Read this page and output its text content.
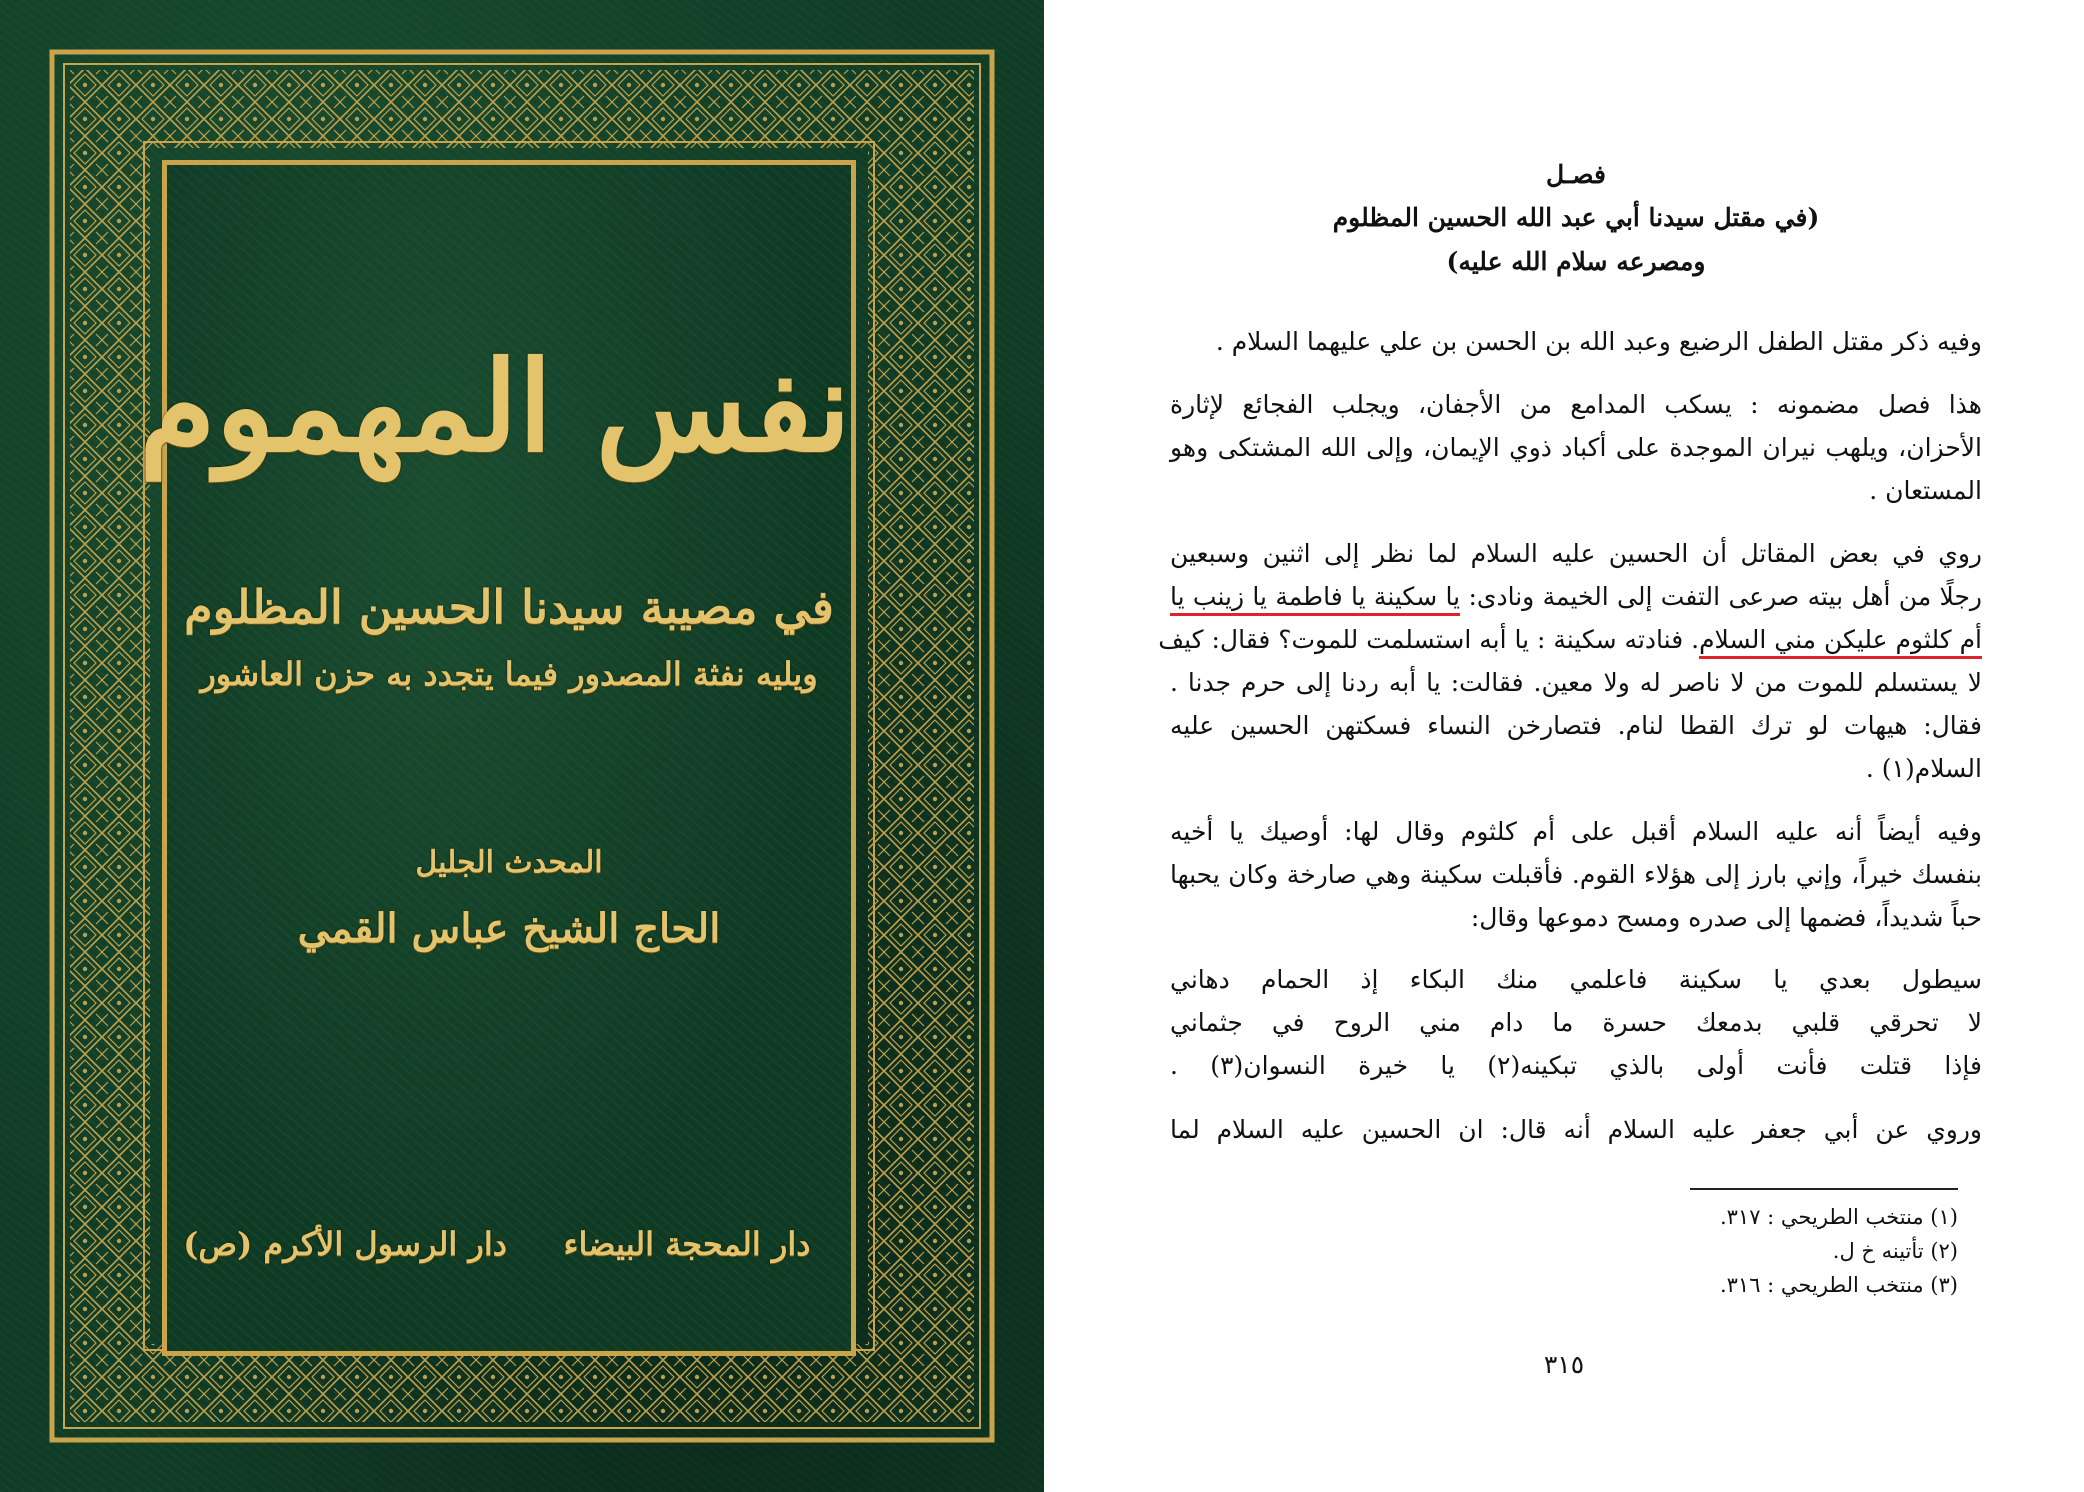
نفس المهموم
في مصيبة سيدنا الحسين المظلوم
ويليه نفثة المصدور فيما يتجدد به حزن العاشور
المحدث الجليل
الحاج الشيخ عباس القمي
دار المحجة البيضاء
دار الرسول الأكرم (ص)
فصـل
(في مقتل سيدنا أبي عبد الله الحسين المظلوم
ومصرعه سلام الله عليه)
وفيه ذكر مقتل الطفل الرضيع وعبد الله بن الحسن بن علي عليهما السلام .
هذا فصل مضمونه : يسكب المدامع من الأجفان، ويجلب الفجائع لإثارة
الأحزان، ويلهب نيران الموجدة على أكباد ذوي الإيمان، وإلى الله المشتكى وهو
المستعان .
روي في بعض المقاتل أن الحسين عليه السلام لما نظر إلى اثنين وسبعين
رجلًا من أهل بيته صرعى التفت إلى الخيمة ونادى: يا سكينة يا فاطمة يا زينب يا
أم كلثوم عليكن مني السلام. فنادته سكينة : يا أبه استسلمت للموت؟ فقال: كيف
لا يستسلم للموت من لا ناصر له ولا معين. فقالت: يا أبه ردنا إلى حرم جدنا .
فقال: هيهات لو ترك القطا لنام. فتصارخن النساء فسكتهن الحسين عليه
السلام(١) .
وفيه أيضاً أنه عليه السلام أقبل على أم كلثوم وقال لها: أوصيك يا أخيه
بنفسك خيراً، وإني بارز إلى هؤلاء القوم. فأقبلت سكينة وهي صارخة وكان يحبها
حباً شديداً، فضمها إلى صدره ومسح دموعها وقال:
سيطول بعدي يا سكينة فاعلمي منك البكاء إذ الحمام دهاني
لا تحرقي قلبي بدمعك حسرة ما دام مني الروح في جثماني
فإذا قتلت فأنت أولى بالذي تبكينه(٢) يا خيرة النسوان(٣) .
وروي عن أبي جعفر عليه السلام أنه قال: ان الحسين عليه السلام لما
(١) منتخب الطريحي : ٣١٧.
(٢) تأتينه خ ل.
(٣) منتخب الطريحي : ٣١٦.
٣١٥
